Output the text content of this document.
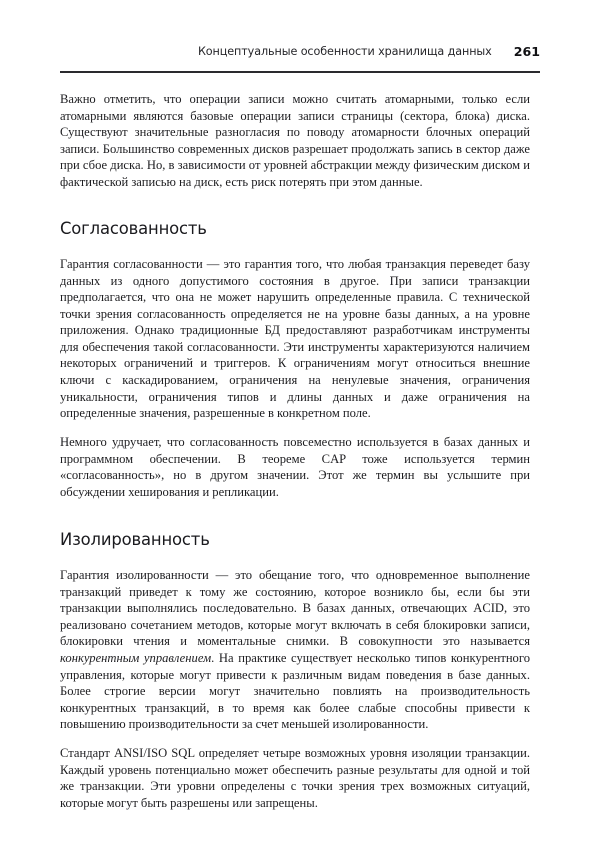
Концептуальные особенности хранилища данных 261

Важно отметить, что операции записи можно считать атомарными, только если атомарными являются базовые операции записи страницы (сектора, блока) диска. Существуют значительные разногласия по поводу атомарности блочных операций записи. Большинство современных дисков разрешает продолжать запись в сектор даже при сбое диска. Но, в зависимости от уровней абстракции между физическим диском и фактической записью на диск, есть риск потерять при этом данные.

Согласованность

Гарантия согласованности — это гарантия того, что любая транзакция переведет базу данных из одного допустимого состояния в другое. При записи транзакции предполагается, что она не может нарушить определенные правила. С технической точки зрения согласованность определяется не на уровне базы данных, а на уровне приложения. Однако традиционные БД предоставляют разработчикам инструменты для обеспечения такой согласованности. Эти инструменты характеризуются наличием некоторых ограничений и триггеров. К ограничениям могут относиться внешние ключи с каскадированием, ограничения на ненулевые значения, ограничения уникальности, ограничения типов и длины данных и даже ограничения на определенные значения, разрешенные в конкретном поле.

Немного удручает, что согласованность повсеместно используется в базах данных и программном обеспечении. В теореме CAP тоже используется термин «согласованность», но в другом значении. Этот же термин вы услышите при обсуждении хеширования и репликации.

Изолированность

Гарантия изолированности — это обещание того, что одновременное выполнение транзакций приведет к тому же состоянию, которое возникло бы, если бы эти транзакции выполнялись последовательно. В базах данных, отвечающих ACID, это реализовано сочетанием методов, которые могут включать в себя блокировки записи, блокировки чтения и моментальные снимки. В совокупности это называется конкурентным управлением. На практике существует несколько типов конкурентного управления, которые могут привести к различным видам поведения в базе данных. Более строгие версии могут значительно повлиять на производительность конкурентных транзакций, в то время как более слабые способны привести к повышению производительности за счет меньшей изолированности.

Стандарт ANSI/ISO SQL определяет четыре возможных уровня изоляции транзакции. Каждый уровень потенциально может обеспечить разные результаты для одной и той же транзакции. Эти уровни определены с точки зрения трех возможных ситуаций, которые могут быть разрешены или запрещены.
